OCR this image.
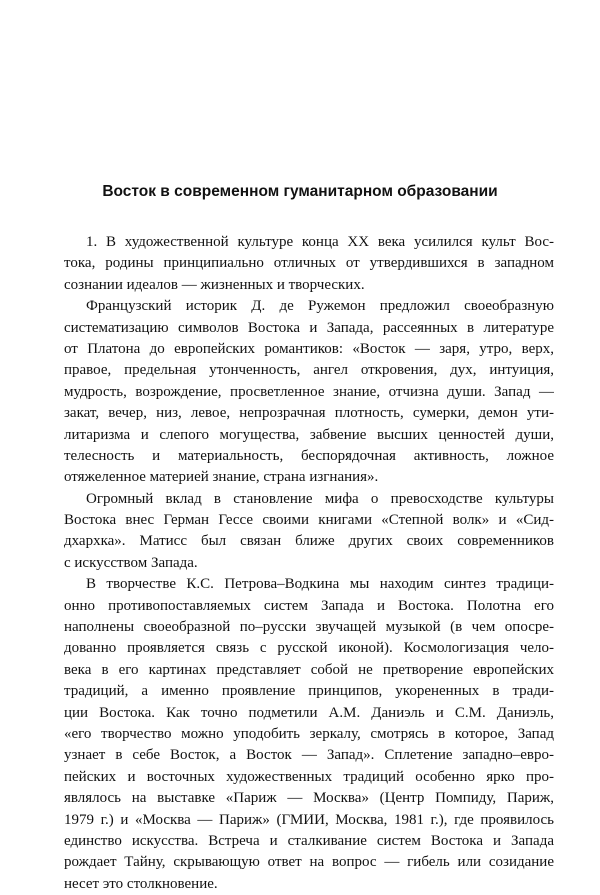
Восток в современном гуманитарном образовании

1. В художественной культуре конца XX века усилился культ Вос-
тока, родины принципиально отличных от утвердившихся в западном
сознании идеалов — жизненных и творческих.

Французский историк Д. де Ружемон предложил своеобразную
систематизацию символов Востока и Запада, рассеянных в литературе
от Платона до европейских романтиков: «Восток — заря, утро, верх,
правое, предельная утонченность, ангел откровения, дух, интуиция,
мудрость, возрождение, просветленное знание, отчизна души. Запад —
закат, вечер, низ, левое, непрозрачная плотность, сумерки, демон ути-
литаризма и слепого могущества, забвение высших ценностей души,
телесность и материальность, беспорядочная активность, ложное
отяжеленное материей знание, страна изгнания».

Огромный вклад в становление мифа о превосходстве культуры
Востока внес Герман Гессе своими книгами «Степной волк» и «Сид-
дхархка». Матисс был связан ближе других своих современников
с искусством Запада.

В творчестве К.С. Петрова–Водкина мы находим синтез традици-
онно противопоставляемых систем Запада и Востока. Полотна его
наполнены своеобразной по–русски звучащей музыкой (в чем опосре-
дованно проявляется связь с русской иконой). Космологизация чело-
века в его картинах представляет собой не претворение европейских
традиций, а именно проявление принципов, укорененных в тради-
ции Востока. Как точно подметили А.М. Даниэль и С.М. Даниэль,
«его творчество можно уподобить зеркалу, смотрясь в которое, Запад
узнает в себе Восток, а Восток — Запад». Сплетение западно–евро-
пейских и восточных художественных традиций особенно ярко про-
являлось на выставке «Париж — Москва» (Центр Помпиду, Париж,
1979 г.) и «Москва — Париж» (ГМИИ, Москва, 1981 г.), где проявилось
единство искусства. Встреча и сталкивание систем Востока и Запада
рождает Тайну, скрывающую ответ на вопрос — гибель или созидание
несет это столкновение.
